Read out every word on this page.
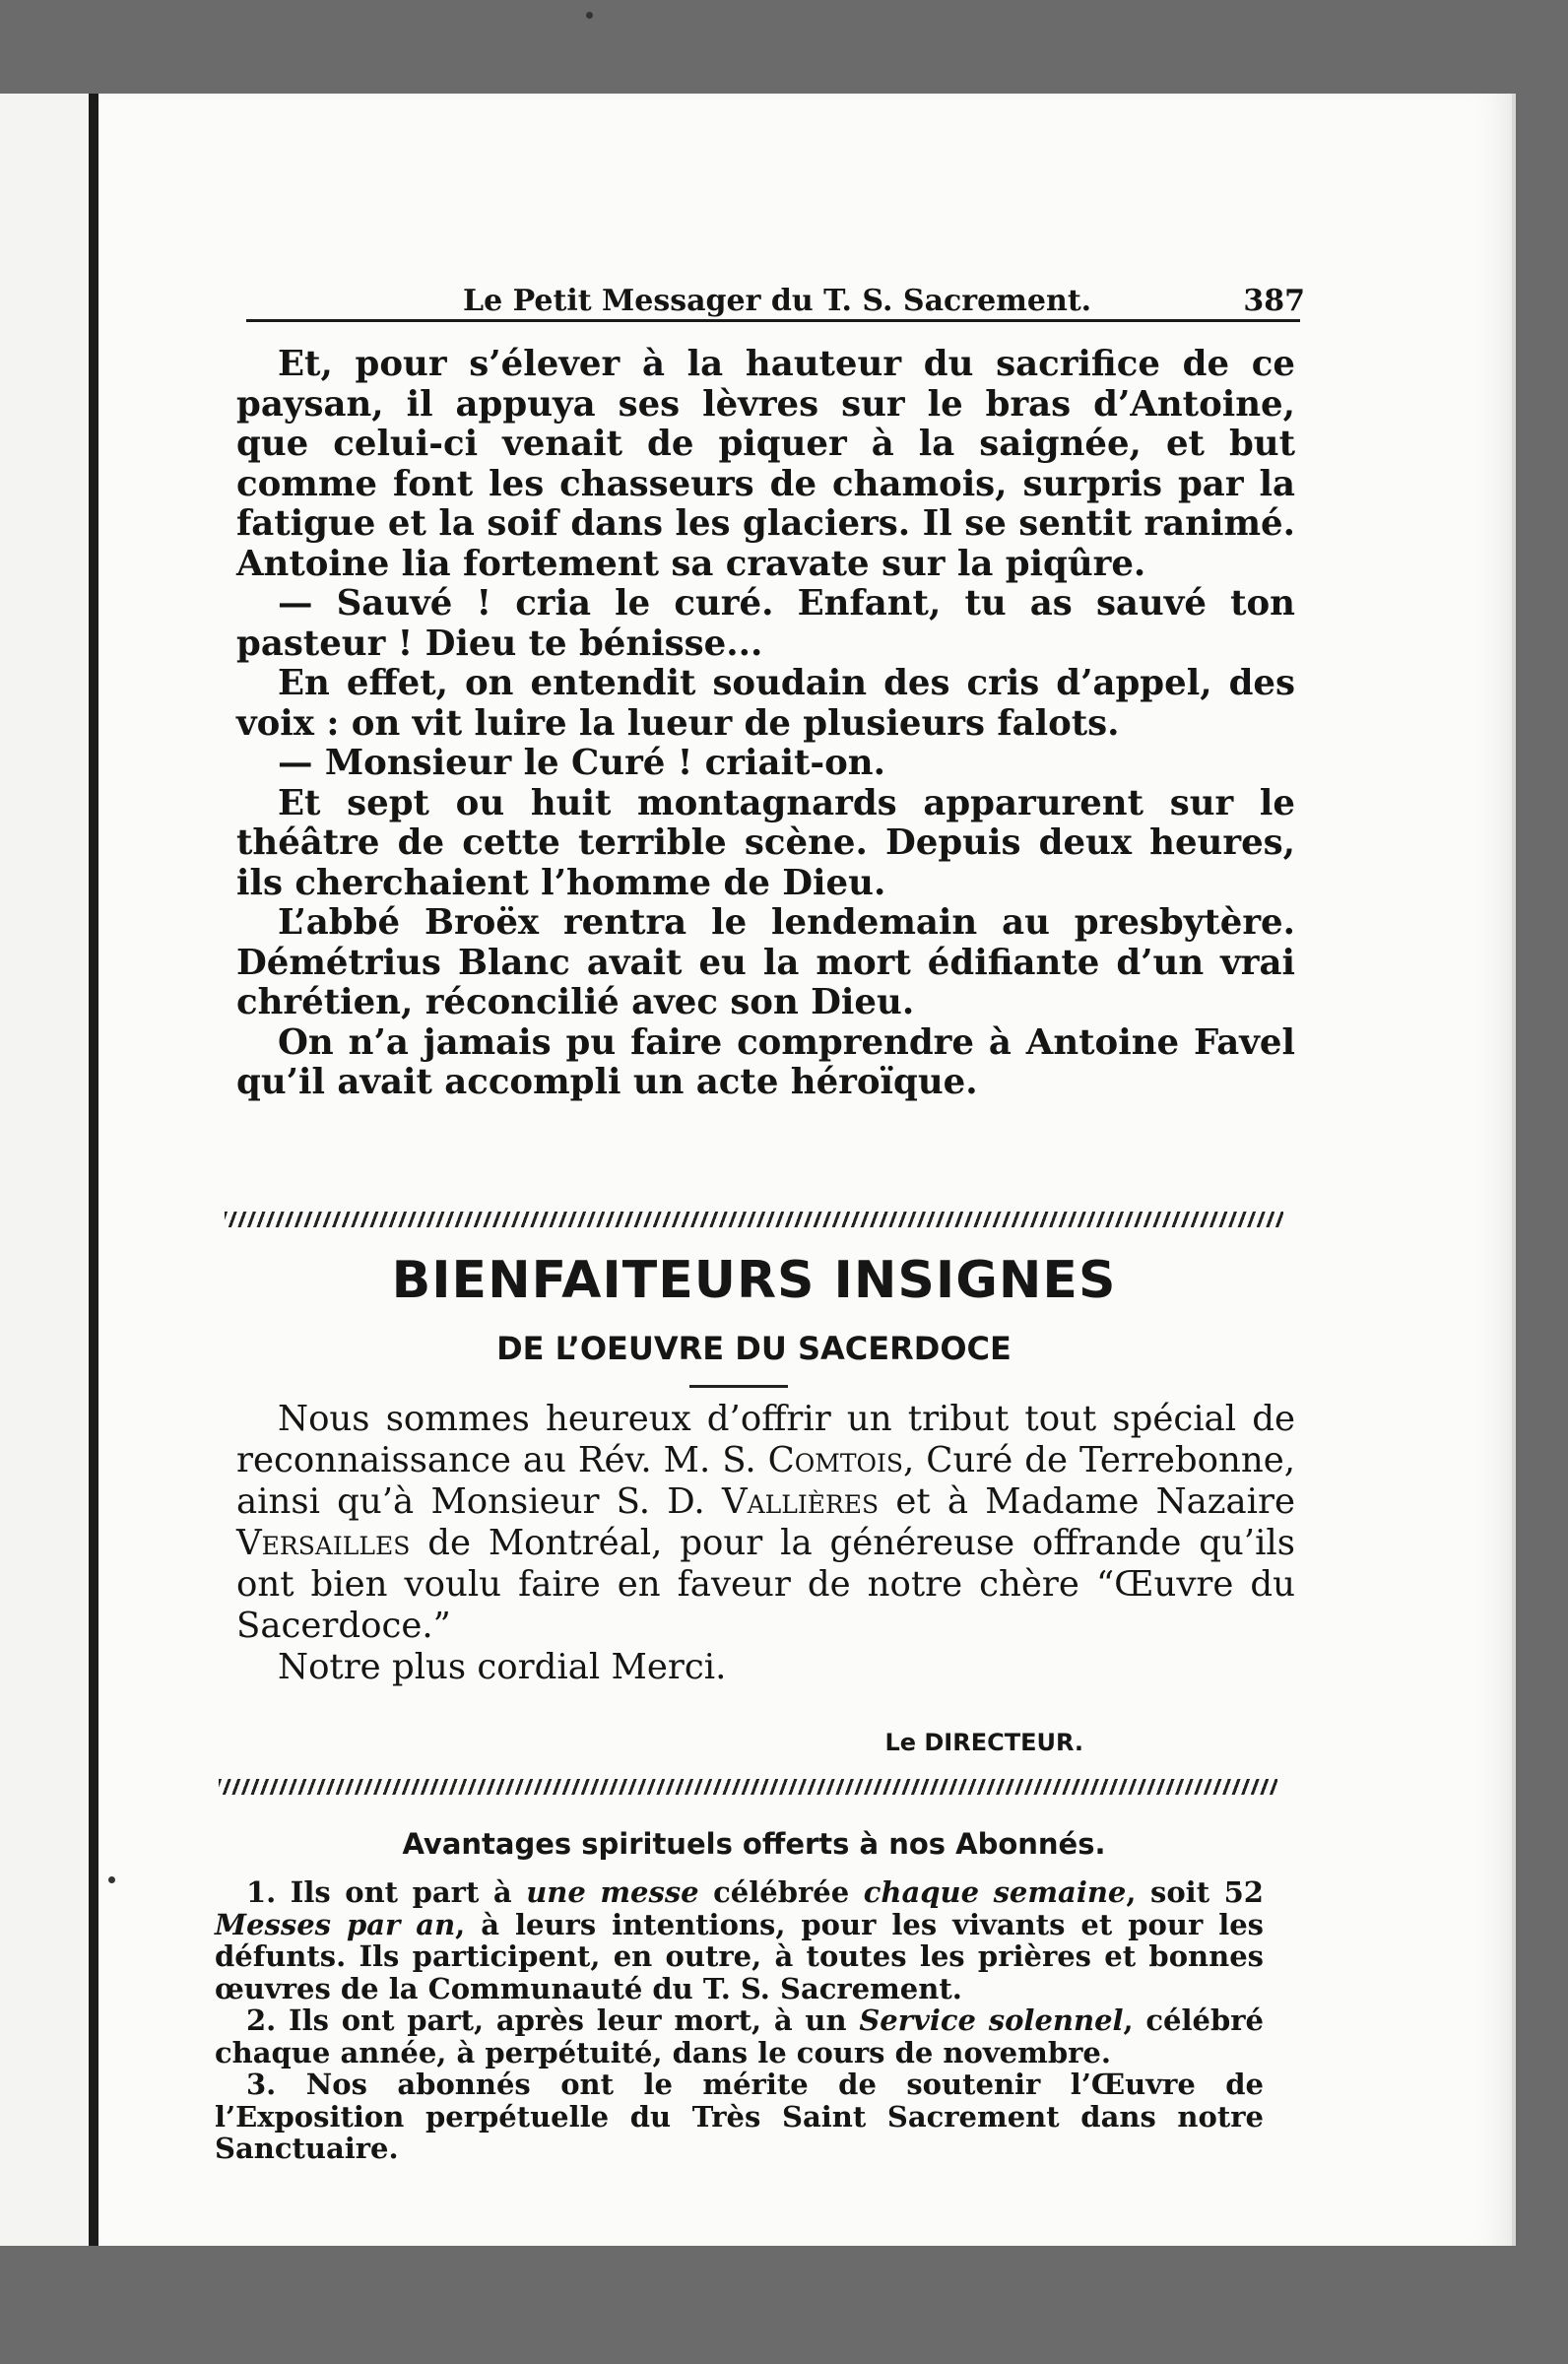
Le Petit Messager du T. S. Sacrement.	387

Et, pour s’élever à la hauteur du sacrifice de ce paysan, il appuya ses lèvres sur le bras d’Antoine, que celui-ci venait de piquer à la saignée, et but comme font les chasseurs de chamois, surpris par la fatigue et la soif dans les glaciers. Il se sentit ranimé. Antoine lia fortement sa cravate sur la piqûre.

— Sauvé ! cria le curé. Enfant, tu as sauvé ton pasteur ! Dieu te bénisse...

En effet, on entendit soudain des cris d’appel, des voix : on vit luire la lueur de plusieurs falots.

— Monsieur le Curé ! criait-on.

Et sept ou huit montagnards apparurent sur le théâtre de cette terrible scène. Depuis deux heures, ils cherchaient l’homme de Dieu.

L’abbé Broëx rentra le lendemain au presbytère. Démétrius Blanc avait eu la mort édifiante d’un vrai chrétien, réconcilié avec son Dieu.

On n’a jamais pu faire comprendre à Antoine Favel qu’il avait accompli un acte héroïque.

BIENFAITEURS INSIGNES
DE L’OEUVRE DU SACERDOCE

Nous sommes heureux d’offrir un tribut tout spécial de reconnaissance au Rév. M. S. Comtois, Curé de Terrebonne, ainsi qu’à Monsieur S. D. Vallières et à Madame Nazaire Versailles de Montréal, pour la généreuse offrande qu’ils ont bien voulu faire en faveur de notre chère “Œuvre du Sacerdoce.”

Notre plus cordial Merci.

Le DIRECTEUR.
Avantages spirituels offerts à nos Abonnés.

1. Ils ont part à une messe célébrée chaque semaine, soit 52 Messes par an, à leurs intentions, pour les vivants et pour les défunts. Ils participent, en outre, à toutes les prières et bonnes œuvres de la Communauté du T. S. Sacrement.

2. Ils ont part, après leur mort, à un Service solennel, célébré chaque année, à perpétuité, dans le cours de novembre.

3. Nos abonnés ont le mérite de soutenir l’Œuvre de l’Exposition perpétuelle du Très Saint Sacrement dans notre Sanctuaire.
